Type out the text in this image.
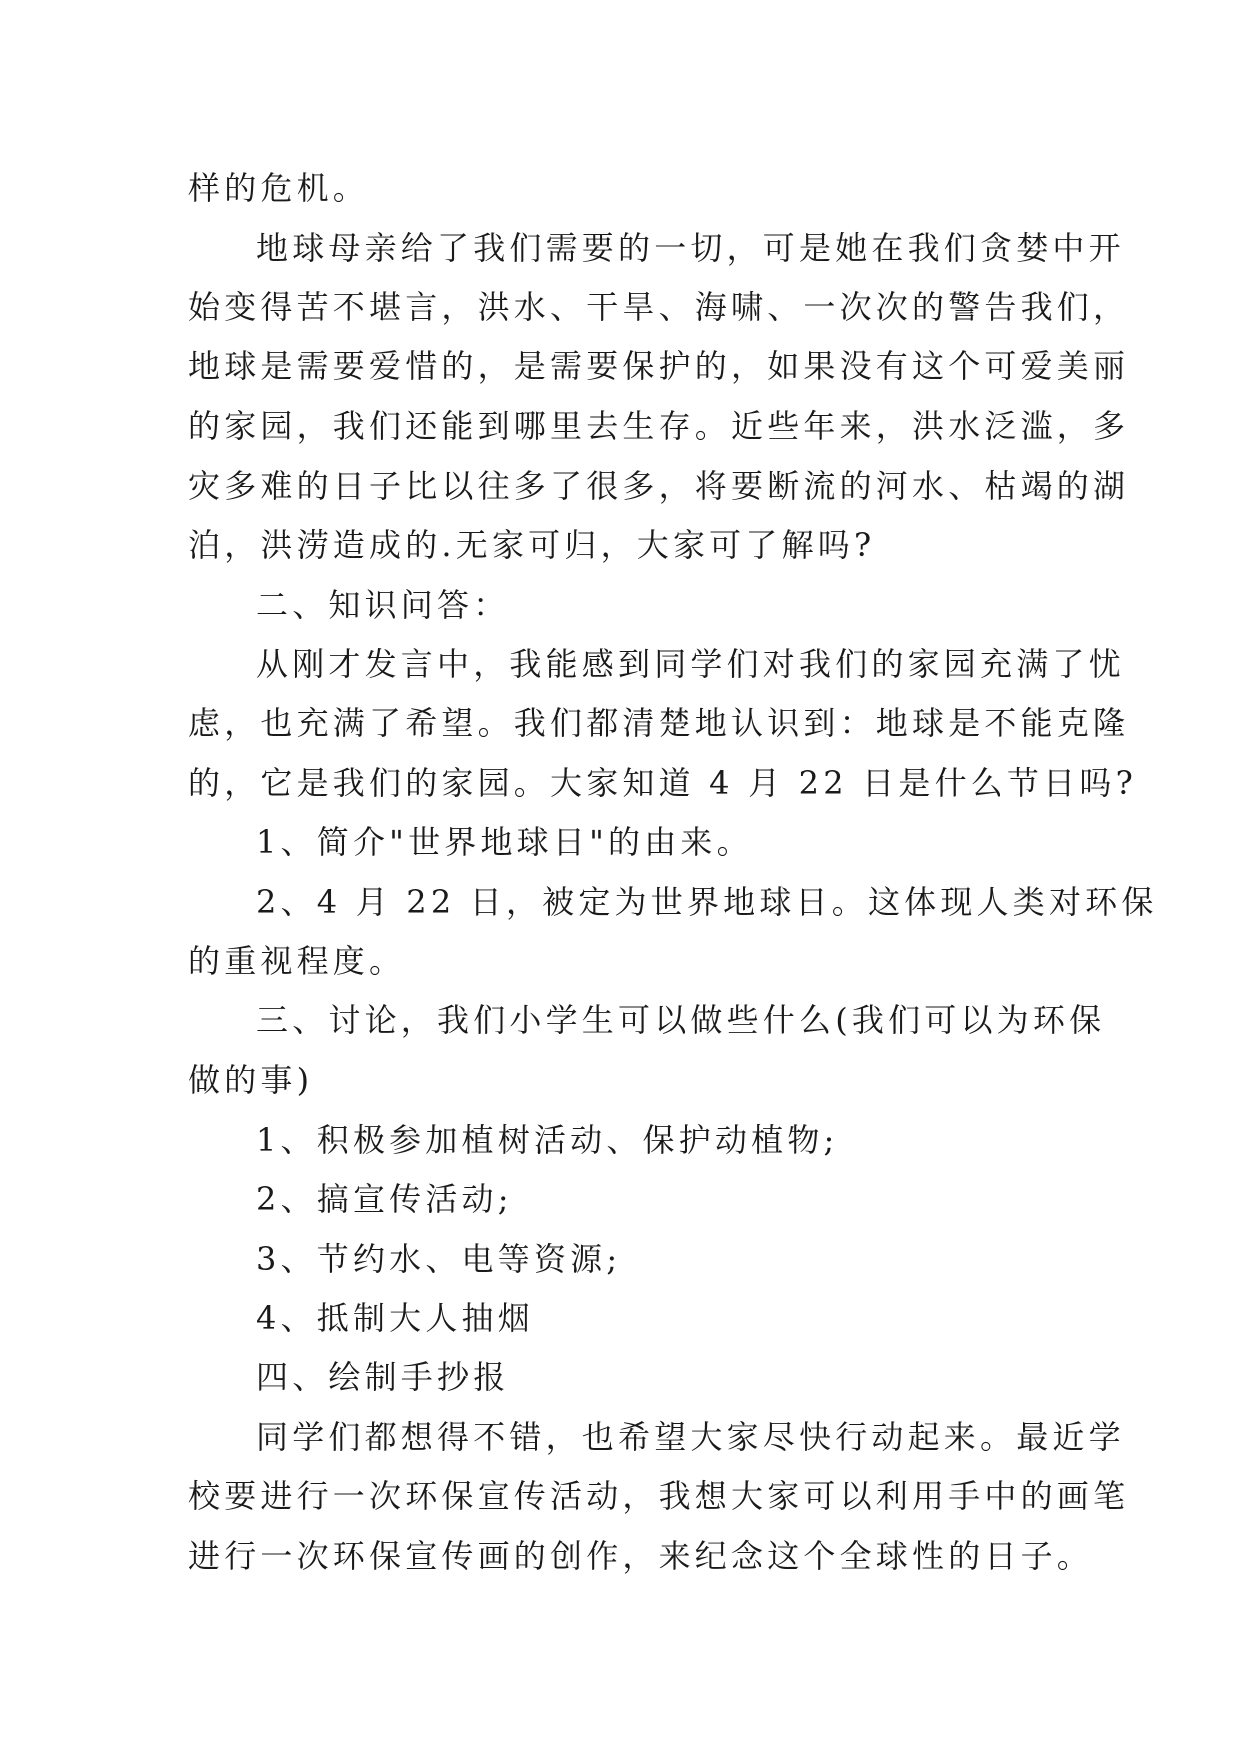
样的危机。
地球母亲给了我们需要的一切，可是她在我们贪婪中开
始变得苦不堪言，洪水、干旱、海啸、一次次的警告我们，
地球是需要爱惜的，是需要保护的，如果没有这个可爱美丽
的家园，我们还能到哪里去生存。近些年来，洪水泛滥，多
灾多难的日子比以往多了很多，将要断流的河水、枯竭的湖
泊，洪涝造成的.无家可归，大家可了解吗?
二、知识问答：
从刚才发言中，我能感到同学们对我们的家园充满了忧
虑，也充满了希望。我们都清楚地认识到：地球是不能克隆
的，它是我们的家园。大家知道 4 月 22 日是什么节日吗?
1、简介"世界地球日"的由来。
2、4 月 22 日，被定为世界地球日。这体现人类对环保
的重视程度。
三、讨论，我们小学生可以做些什么(我们可以为环保
做的事)
1、积极参加植树活动、保护动植物;
2、搞宣传活动;
3、节约水、电等资源;
4、抵制大人抽烟
四、绘制手抄报
同学们都想得不错，也希望大家尽快行动起来。最近学
校要进行一次环保宣传活动，我想大家可以利用手中的画笔
进行一次环保宣传画的创作，来纪念这个全球性的日子。
